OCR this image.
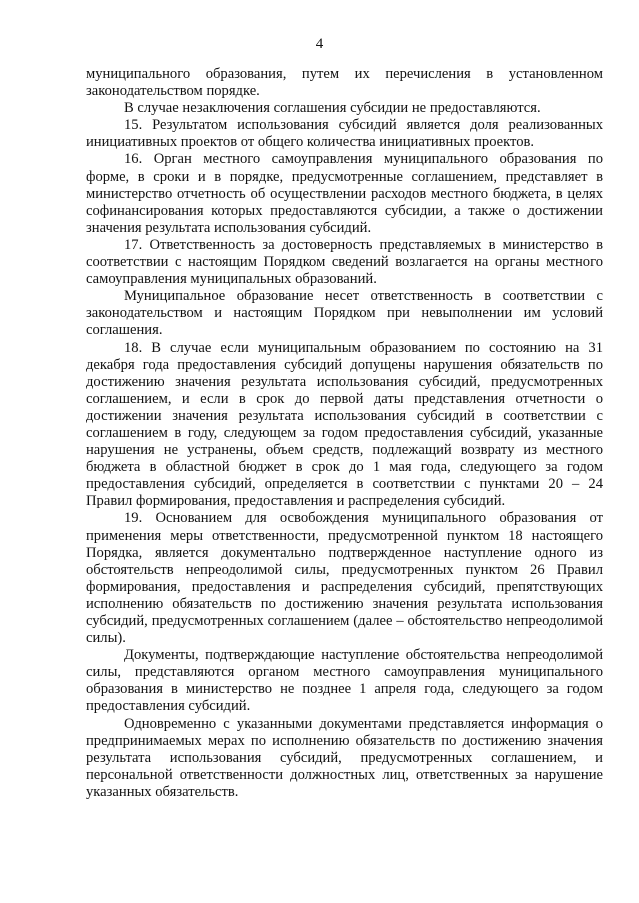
4

муниципального образования, путем их перечисления в установленном законодательством порядке.

В случае незаключения соглашения субсидии не предоставляются.

15. Результатом использования субсидий является доля реализованных инициативных проектов от общего количества инициативных проектов.

16. Орган местного самоуправления муниципального образования по форме, в сроки и в порядке, предусмотренные соглашением, представляет в министерство отчетность об осуществлении расходов местного бюджета, в целях софинансирования которых предоставляются субсидии, а также о достижении значения результата использования субсидий.

17. Ответственность за достоверность представляемых в министерство в соответствии с настоящим Порядком сведений возлагается на органы местного самоуправления муниципальных образований.

Муниципальное образование несет ответственность в соответствии с законодательством и настоящим Порядком при невыполнении им условий соглашения.

18. В случае если муниципальным образованием по состоянию на 31 декабря года предоставления субсидий допущены нарушения обязательств по достижению значения результата использования субсидий, предусмотренных соглашением, и если в срок до первой даты представления отчетности о достижении значения результата использования субсидий в соответствии с соглашением в году, следующем за годом предоставления субсидий, указанные нарушения не устранены, объем средств, подлежащий возврату из местного бюджета в областной бюджет в срок до 1 мая года, следующего за годом предоставления субсидий, определяется в соответствии с пунктами 20 – 24 Правил формирования, предоставления и распределения субсидий.

19. Основанием для освобождения муниципального образования от применения меры ответственности, предусмотренной пунктом 18 настоящего Порядка, является документально подтвержденное наступление одного из обстоятельств непреодолимой силы, предусмотренных пунктом 26 Правил формирования, предоставления и распределения субсидий, препятствующих исполнению обязательств по достижению значения результата использования субсидий, предусмотренных соглашением (далее – обстоятельство непреодолимой силы).

Документы, подтверждающие наступление обстоятельства непреодолимой силы, представляются органом местного самоуправления муниципального образования в министерство не позднее 1 апреля года, следующего за годом предоставления субсидий.

Одновременно с указанными документами представляется информация о предпринимаемых мерах по исполнению обязательств по достижению значения результата использования субсидий, предусмотренных соглашением, и персональной ответственности должностных лиц, ответственных за нарушение указанных обязательств.
